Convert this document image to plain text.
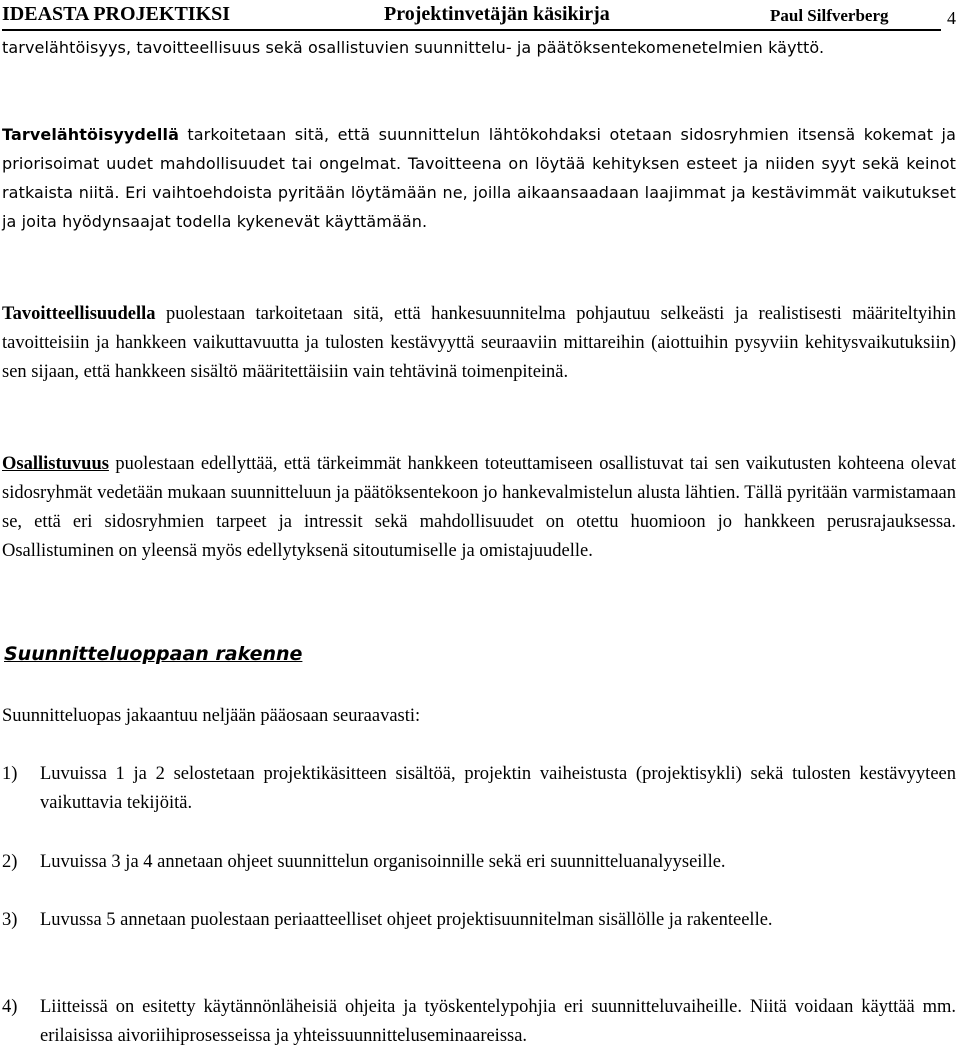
IDEASTA PROJEKTIKSI	Projektinvetäjän käsikirja	Paul Silfverberg	4

tarvelähtöisyys, tavoitteellisuus sekä osallistuvien suunnittelu- ja päätöksentekomenetelmien käyttö.

Tarvelähtöisyydellä tarkoitetaan sitä, että suunnittelun lähtökohdaksi otetaan sidosryhmien itsensä kokemat ja priorisoimat uudet mahdollisuudet tai ongelmat. Tavoitteena on löytää kehityksen esteet ja niiden syyt sekä keinot ratkaista niitä. Eri vaihtoehdoista pyritään löytämään ne, joilla aikaansaadaan laajimmat ja kestävimmät vaikutukset ja joita hyödynsaajat todella kykenevät käyttämään.

Tavoitteellisuudella puolestaan tarkoitetaan sitä, että hankesuunnitelma pohjautuu selkeästi ja realistisesti määriteltyihin tavoitteisiin ja hankkeen vaikuttavuutta ja tulosten kestävyyttä seuraaviin mittareihin (aiottuihin pysyviin kehitysvaikutuksiin) sen sijaan, että hankkeen sisältö määritettäisiin vain tehtävinä toimenpiteinä.

Osallistuvuus puolestaan edellyttää, että tärkeimmät hankkeen toteuttamiseen osallistuvat tai sen vaikutusten kohteena olevat sidosryhmät vedetään mukaan suunnitteluun ja päätöksentekoon jo hankevalmistelun alusta lähtien. Tällä pyritään varmistamaan se, että eri sidosryhmien tarpeet ja intressit sekä mahdollisuudet on otettu huomioon jo hankkeen perusrajauksessa. Osallistuminen on yleensä myös edellytyksenä sitoutumiselle ja omistajuudelle.

Suunnitteluoppaan rakenne

Suunnitteluopas jakaantuu neljään pääosaan seuraavasti:

1) Luvuissa 1 ja 2 selostetaan projektikäsitteen sisältöä, projektin vaiheistusta (projektisykli) sekä tulosten kestävyyteen vaikuttavia tekijöitä.

2) Luvuissa 3 ja 4 annetaan ohjeet suunnittelun organisoinnille sekä eri suunnitteluanalyyseille.

3) Luvussa 5 annetaan puolestaan periaatteelliset ohjeet projektisuunnitelman sisällölle ja rakenteelle.

4) Liitteissä on esitetty käytännönläheisiä ohjeita ja työskentelypohjia eri suunnitteluvaiheille. Niitä voidaan käyttää mm. erilaisissa aivoriihiprosesseissa ja yhteissuunnitteluseminaareissa.
